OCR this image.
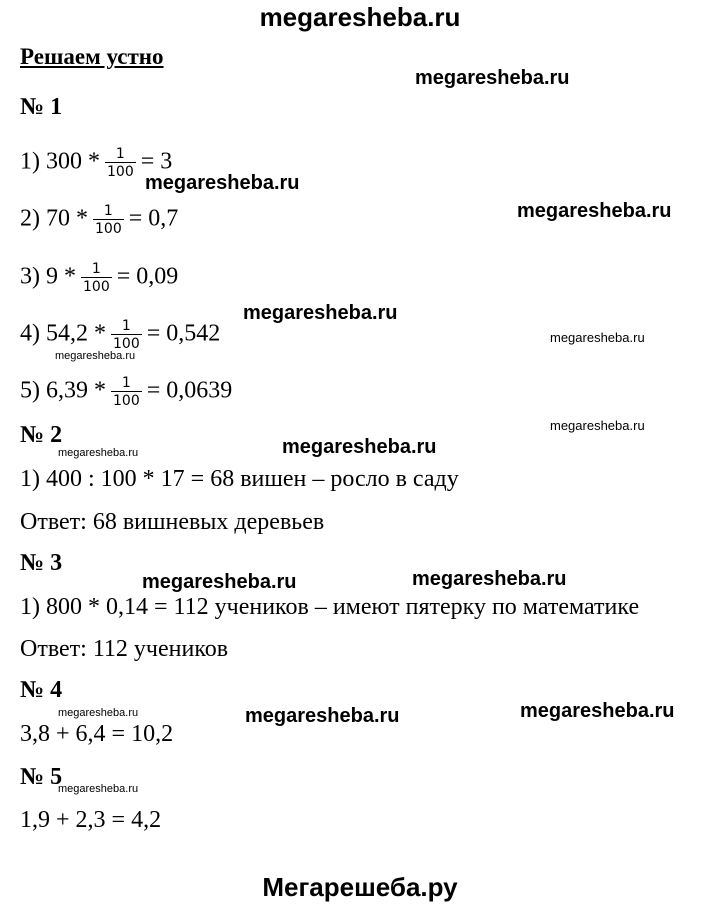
megaresheba.ru
Решаем устно
№ 1
1) $300 * \frac{1}{100} = 3$
2) $70 * \frac{1}{100} = 0,7$
3) $9 * \frac{1}{100} = 0,09$
4) $54,2 * \frac{1}{100} = 0,542$
5) $6,39 * \frac{1}{100} = 0,0639$
№ 2
1) 400 : 100 * 17 = 68 вишен – росло в саду
Ответ: 68 вишневых деревьев
№ 3
1) 800 * 0,14 = 112 учеников – имеют пятерку по математике
Ответ: 112 учеников
№ 4
3,8 + 6,4 = 10,2
№ 5
1,9 + 2,3 = 4,2
megaresheba.ru
megaresheba.ru
megaresheba.ru
megaresheba.ru
megaresheba.ru
megaresheba.ru
megaresheba.ru
megaresheba.ru	megaresheba.ru
megaresheba.ru	megaresheba.ru
megaresheba.ru	megaresheba.ru	megaresheba.ru
megaresheba.ru
Мегарешеба.ру
